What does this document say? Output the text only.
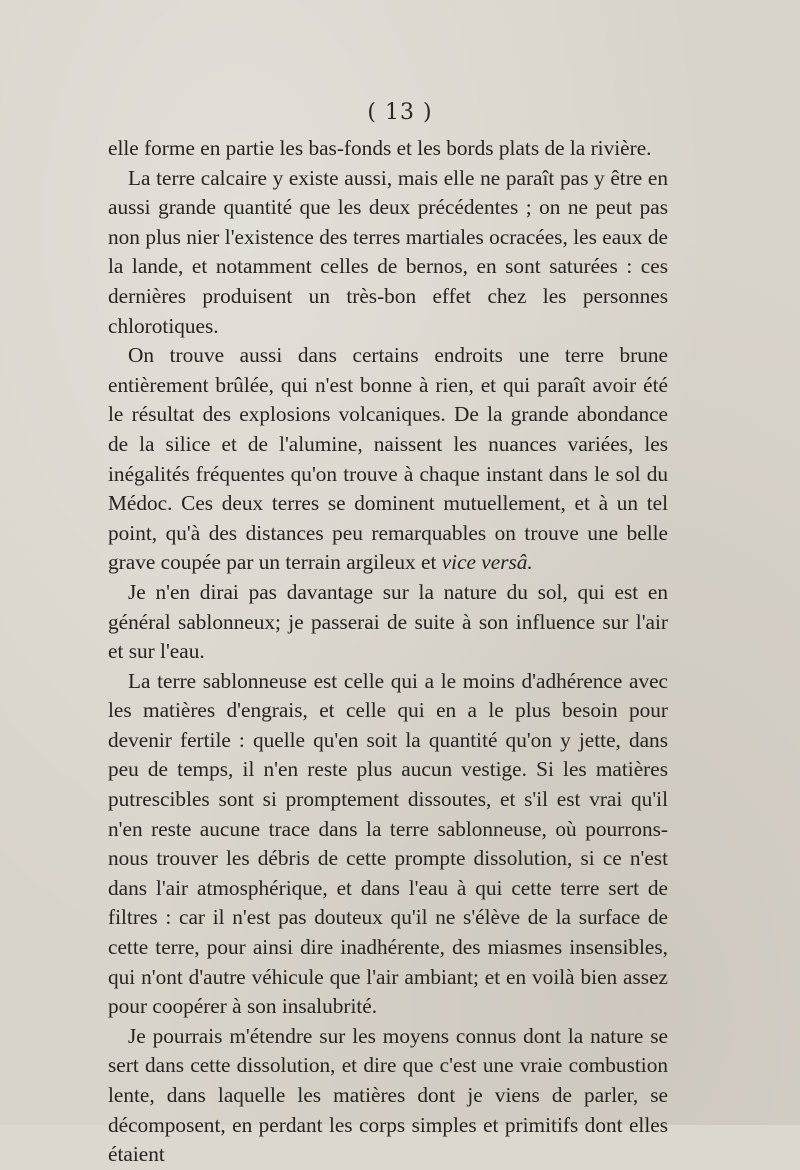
( 13 )

elle forme en partie les bas-fonds et les bords plats de la rivière.

La terre calcaire y existe aussi, mais elle ne paraît pas y être en aussi grande quantité que les deux précédentes ; on ne peut pas non plus nier l'existence des terres martiales ocracées, les eaux de la lande, et notamment celles de bernos, en sont saturées : ces dernières produisent un très-bon effet chez les personnes chlorotiques.

On trouve aussi dans certains endroits une terre brune entièrement brûlée, qui n'est bonne à rien, et qui paraît avoir été le résultat des explosions volcaniques. De la grande abondance de la silice et de l'alumine, naissent les nuances variées, les inégalités fréquentes qu'on trouve à chaque instant dans le sol du Médoc. Ces deux terres se dominent mutuellement, et à un tel point, qu'à des distances peu remarquables on trouve une belle grave coupée par un terrain argileux et vice versâ.

Je n'en dirai pas davantage sur la nature du sol, qui est en général sablonneux; je passerai de suite à son influence sur l'air et sur l'eau.

La terre sablonneuse est celle qui a le moins d'adhérence avec les matières d'engrais, et celle qui en a le plus besoin pour devenir fertile : quelle qu'en soit la quantité qu'on y jette, dans peu de temps, il n'en reste plus aucun vestige. Si les matières putrescibles sont si promptement dissoutes, et s'il est vrai qu'il n'en reste aucune trace dans la terre sablonneuse, où pourrons-nous trouver les débris de cette prompte dissolution, si ce n'est dans l'air atmosphérique, et dans l'eau à qui cette terre sert de filtres : car il n'est pas douteux qu'il ne s'élève de la surface de cette terre, pour ainsi dire inadhérente, des miasmes insensibles, qui n'ont d'autre véhicule que l'air ambiant; et en voilà bien assez pour coopérer à son insalubrité.

Je pourrais m'étendre sur les moyens connus dont la nature se sert dans cette dissolution, et dire que c'est une vraie combustion lente, dans laquelle les matières dont je viens de parler, se décomposent, en perdant les corps simples et primitifs dont elles étaient
